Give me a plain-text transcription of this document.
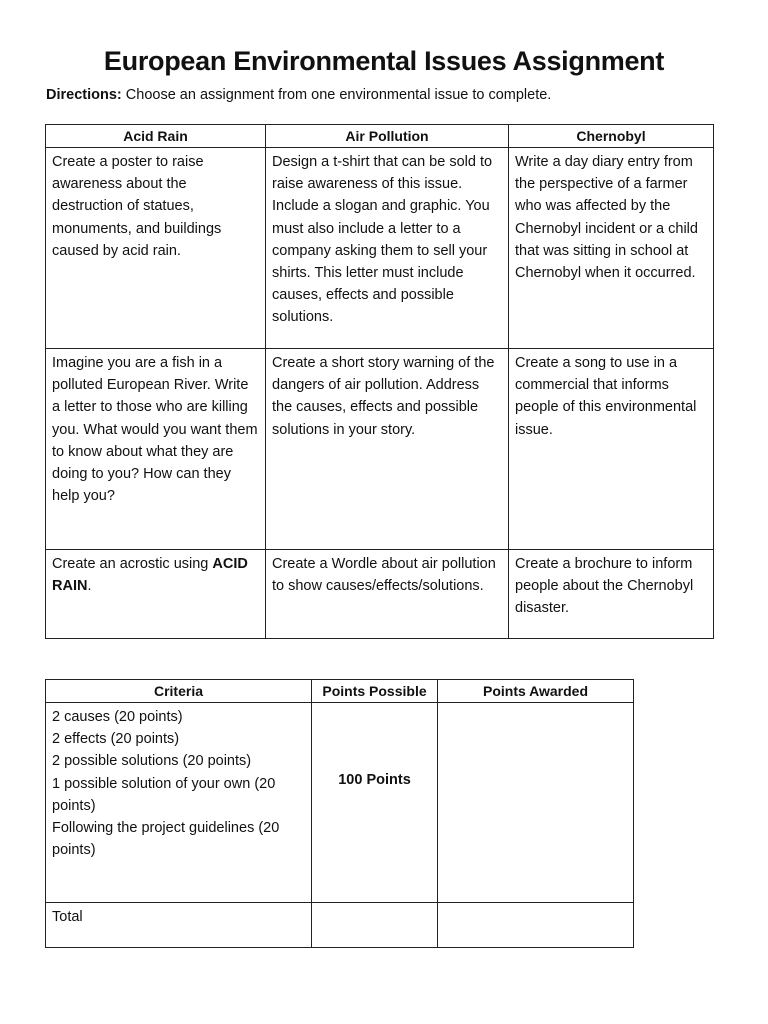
European Environmental Issues Assignment

Directions: Choose an assignment from one environmental issue to complete.

Acid Rain	Air Pollution	Chernobyl
Create a poster to raise awareness about the destruction of statues, monuments, and buildings caused by acid rain.	Design a t-shirt that can be sold to raise awareness of this issue. Include a slogan and graphic. You must also include a letter to a company asking them to sell your shirts. This letter must include causes, effects and possible solutions.	Write a day diary entry from the perspective of a farmer who was affected by the Chernobyl incident or a child that was sitting in school at Chernobyl when it occurred.
Imagine you are a fish in a polluted European River. Write a letter to those who are killing you. What would you want them to know about what they are doing to you? How can they help you?	Create a short story warning of the dangers of air pollution. Address the causes, effects and possible solutions in your story.	Create a song to use in a commercial that informs people of this environmental issue.
Create an acrostic using ACID RAIN.	Create a Wordle about air pollution to show causes/effects/solutions.	Create a brochure to inform people about the Chernobyl disaster.
Criteria	Points Possible	Points Awarded

2 causes (20 points)
2 effects (20 points)
2 possible solutions (20 points)
1 possible solution of your own (20 points)
Following the project guidelines (20 points)	100 Points	
Total		
